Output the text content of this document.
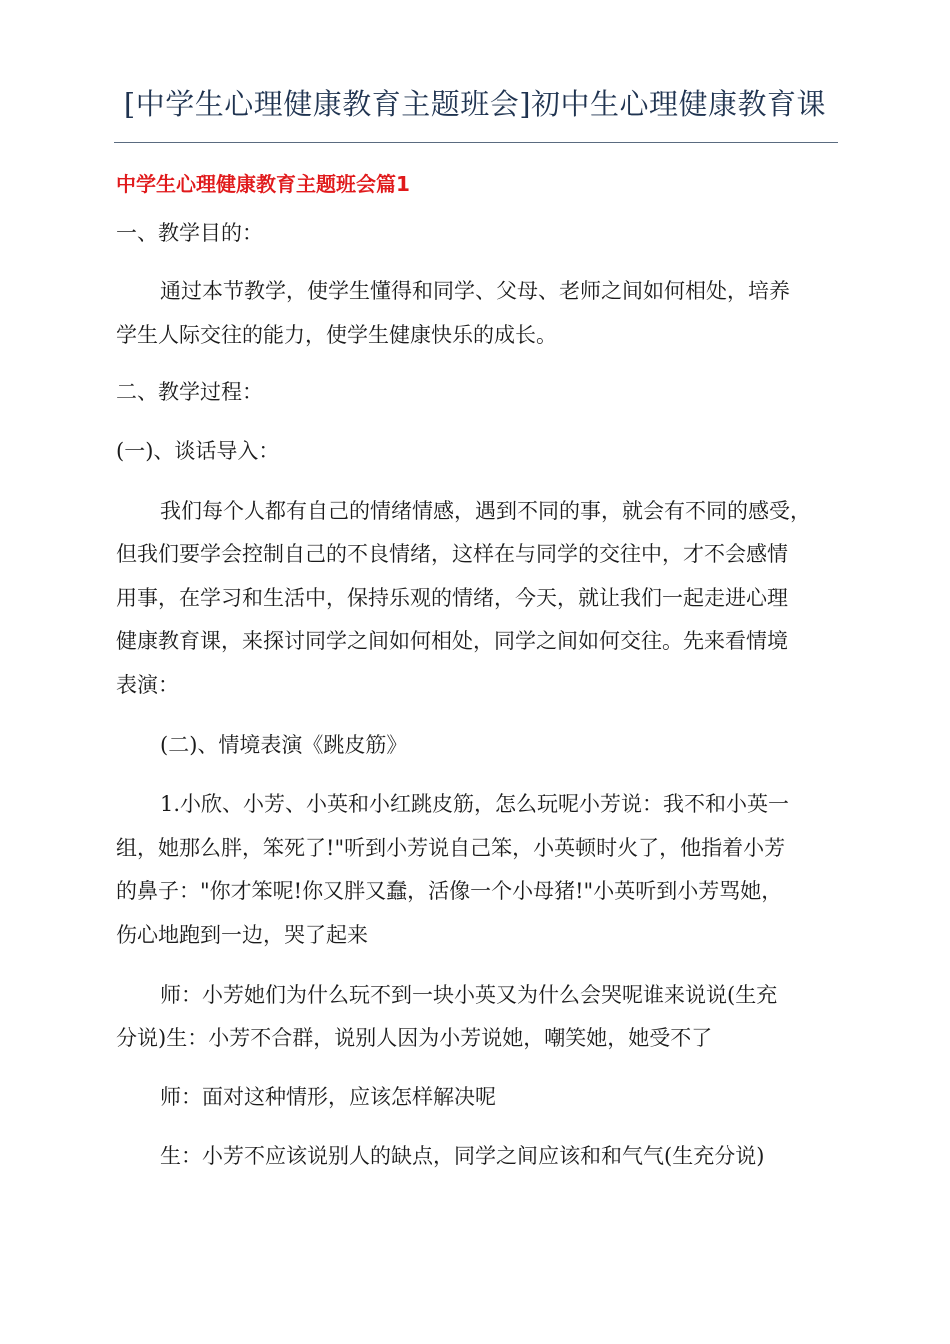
[中学生心理健康教育主题班会]初中生心理健康教育课
中学生心理健康教育主题班会篇1
一、教学目的：
通过本节教学，使学生懂得和同学、父母、老师之间如何相处，培养
学生人际交往的能力，使学生健康快乐的成长。
二、教学过程：
(一)、谈话导入：
我们每个人都有自己的情绪情感，遇到不同的事，就会有不同的感受，
但我们要学会控制自己的不良情绪，这样在与同学的交往中，才不会感情
用事，在学习和生活中，保持乐观的情绪，今天，就让我们一起走进心理
健康教育课，来探讨同学之间如何相处，同学之间如何交往。先来看情境
表演：
(二)、情境表演《跳皮筋》
1.小欣、小芳、小英和小红跳皮筋，怎么玩呢小芳说：我不和小英一
组，她那么胖，笨死了!"听到小芳说自己笨，小英顿时火了，他指着小芳
的鼻子："你才笨呢!你又胖又蠢，活像一个小母猪!"小英听到小芳骂她，
伤心地跑到一边，哭了起来
师：小芳她们为什么玩不到一块小英又为什么会哭呢谁来说说(生充
分说)生：小芳不合群，说别人因为小芳说她，嘲笑她，她受不了
师：面对这种情形，应该怎样解决呢
生：小芳不应该说别人的缺点，同学之间应该和和气气(生充分说)
